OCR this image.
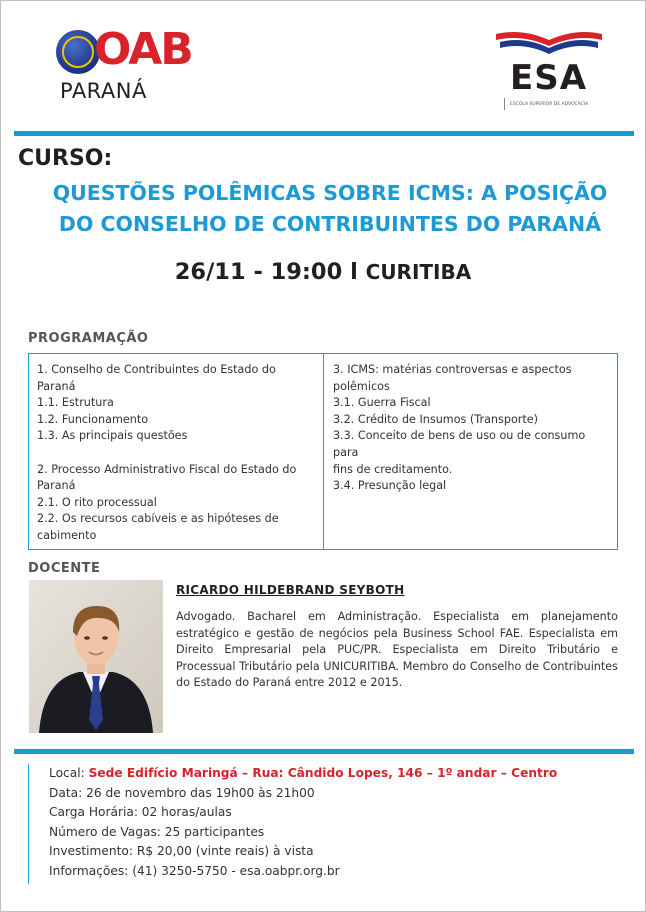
OAB
PARANÁ	ESA
ESCOLA SUPERIOR DE ADVOCACIA
CURSO:
QUESTÕES POLÊMICAS SOBRE ICMS: A POSIÇÃO
DO CONSELHO DE CONTRIBUINTES DO PARANÁ
26/11 - 19:00 l CURITIBA
PROGRAMAÇÃO
1. Conselho de Contribuintes do Estado do Paraná
1.1. Estrutura
1.2. Funcionamento
1.3. As principais questões
2. Processo Administrativo Fiscal do Estado do
Paraná
2.1. O rito processual
2.2. Os recursos cabíveis e as hipóteses de
cabimento
3. ICMS: matérias controversas e aspectos
polêmicos
3.1. Guerra Fiscal
3.2. Crédito de Insumos (Transporte)
3.3. Conceito de bens de uso ou de consumo para
fins de creditamento.
3.4. Presunção legal
DOCENTE
RICARDO HILDEBRAND SEYBOTH
Advogado. Bacharel em Administração. Especialista em planejamento estratégico e gestão de negócios pela Business School FAE. Especialista em Direito Empresarial pela PUC/PR. Especialista em Direito Tributário e Processual Tributário pela UNICURITIBA. Membro do Conselho de Contribuintes do Estado do Paraná entre 2012 e 2015.
Local: Sede Edifício Maringá – Rua: Cândido Lopes, 146 – 1º andar – Centro
Data: 26 de novembro das 19h00 às 21h00
Carga Horária: 02 horas/aulas
Número de Vagas: 25 participantes
Investimento: R$ 20,00 (vinte reais) à vista
Informações: (41) 3250-5750 - esa.oabpr.org.br
